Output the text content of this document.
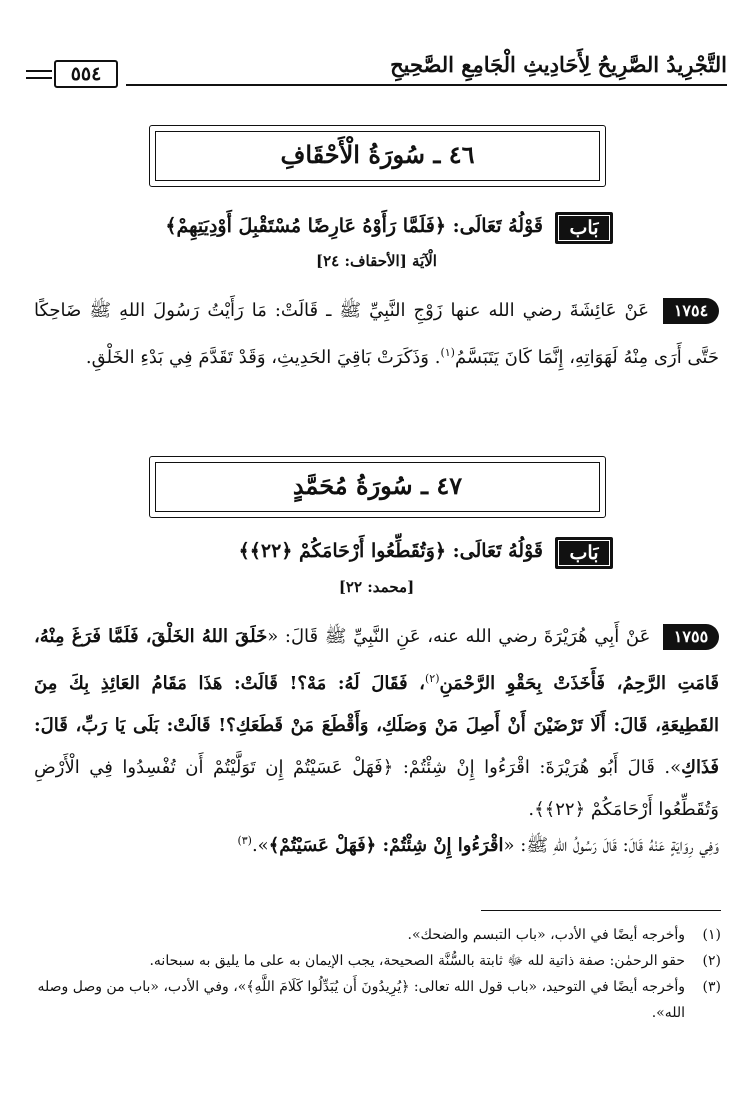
التَّجْرِيدُ الصَّرِيحُ لِأَحَادِيثِ الْجَامِعِ الصَّحِيحِ
٥٥٤
٤٦ ـ سُورَةُ الْأَحْقَافِ
بَاب
قَوْلُهُ تَعَالَى: ﴿فَلَمَّا رَأَوْهُ عَارِضًا مُسْتَقْبِلَ أَوْدِيَتِهِمْ﴾
الْآيَة [الأحقاف: ٢٤]
١٧٥٤ عَنْ عَائِشَةَ رضي الله عنها زَوْجِ النَّبِيِّ ﷺ ـ قَالَتْ: مَا رَأَيْتُ رَسُولَ اللهِ ﷺ ضَاحِكًا حَتَّى أَرَى مِنْهُ لَهَوَاتِهِ، إِنَّمَا كَانَ يَتَبَسَّمُ$^{(١)}$. وَذَكَرَتْ بَاقِيَ الحَدِيثِ، وَقَدْ تَقَدَّمَ فِي بَدْءِ الخَلْقِ.
٤٧ ـ سُورَةُ مُحَمَّدٍ
بَاب
قَوْلُهُ تَعَالَى: ﴿وَتُقَطِّعُوا أَرْحَامَكُمْ ﴿٢٢﴾﴾
[محمد: ٢٢]
١٧٥٥ عَنْ أَبِي هُرَيْرَةَ رضي الله عنه، عَنِ النَّبِيِّ ﷺ قَالَ: «خَلَقَ اللهُ الخَلْقَ، فَلَمَّا فَرَغَ مِنْهُ، قَامَتِ الرَّحِمُ، فَأَخَذَتْ بِحَقْوِ الرَّحْمَنِ$^{(٢)}$، فَقَالَ لَهُ: مَهْ؟! قَالَتْ: هَذَا مَقَامُ العَائِذِ بِكَ مِنَ القَطِيعَةِ، قَالَ: أَلَا تَرْضَيْنَ أَنْ أَصِلَ مَنْ وَصَلَكِ، وَأَقْطَعَ مَنْ قَطَعَكِ؟! قَالَتْ: بَلَى يَا رَبِّ، قَالَ: فَذَاكِ». قَالَ أَبُو هُرَيْرَةَ: اقْرَءُوا إِنْ شِئْتُمْ: ﴿فَهَلْ عَسَيْتُمْ إِن تَوَلَّيْتُمْ أَن تُفْسِدُوا فِي الْأَرْضِ وَتُقَطِّعُوا أَرْحَامَكُمْ ﴿٢٢﴾﴾.
وَفِي رِوَايَةٍ عَنْهُ قَالَ: قَالَ رَسُولُ اللهِ ﷺ: «اقْرَءُوا إِنْ شِئْتُمْ: ﴿فَهَلْ عَسَيْتُمْ﴾».$^{(٣)}$
(١)
وأخرجه أيضًا في الأدب، «باب التبسم والضحك».
(٢)
حقو الرحمٰن: صفة ذاتية لله ﷻ ثابتة بالسُّنَّة الصحيحة، يجب الإيمان به على ما يليق به سبحانه.
(٣)
وأخرجه أيضًا في التوحيد، «باب قول الله تعالى: ﴿يُرِيدُونَ أَن يُبَدِّلُوا كَلَامَ اللَّهِ﴾»، وفي الأدب، «باب من وصل وصله الله».
